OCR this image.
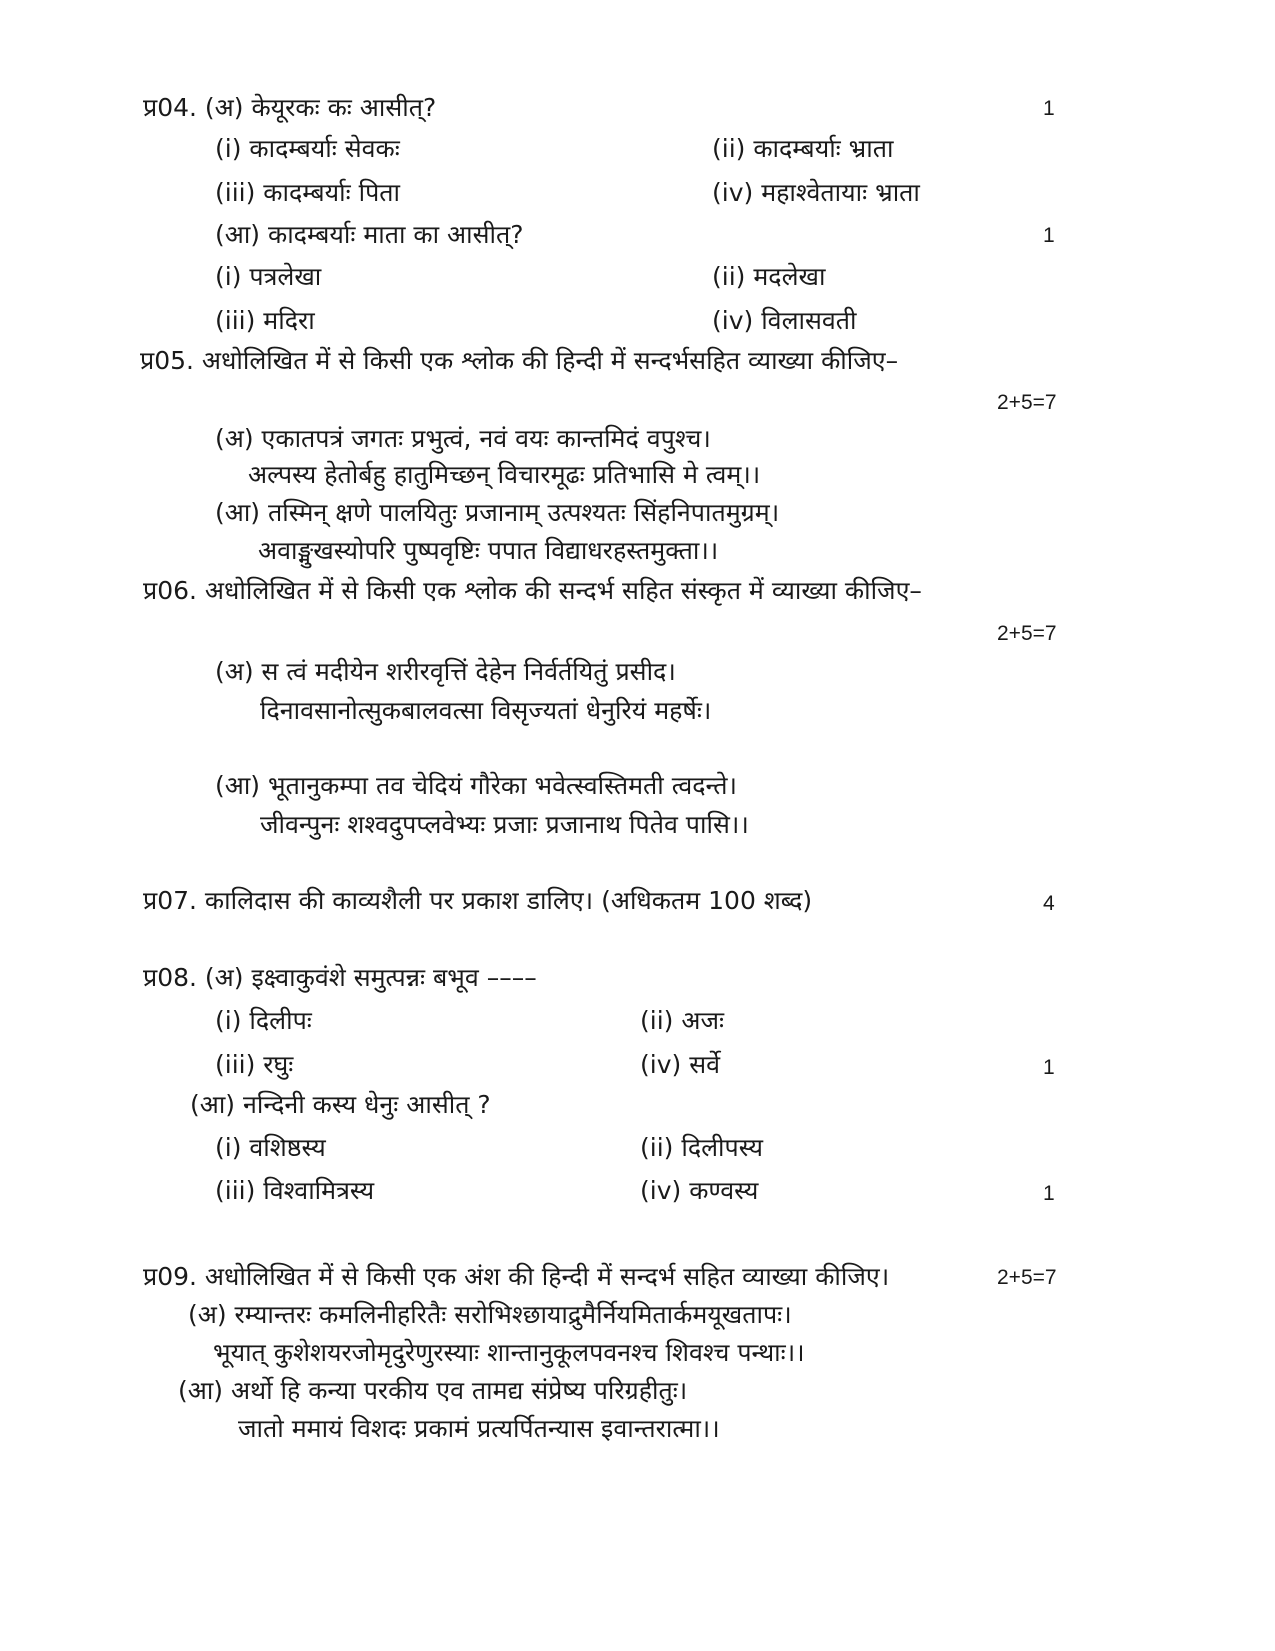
प्र04. (अ) केयूरकः कः आसीत्?	1
(i) कादम्बर्याः सेवकः	(ii) कादम्बर्याः भ्राता
(iii) कादम्बर्याः पिता	(iv) महाश्वेतायाः भ्राता
(आ) कादम्बर्याः माता का आसीत्?	1
(i) पत्रलेखा	(ii) मदलेखा
(iii) मदिरा	(iv) विलासवती
प्र05. अधोलिखित में से किसी एक श्लोक की हिन्दी में सन्दर्भसहित व्याख्या कीजिए–
2+5=7
(अ) एकातपत्रं जगतः प्रभुत्वं, नवं वयः कान्तमिदं वपुश्च।
अल्पस्य हेतोर्बहु हातुमिच्छन् विचारमूढः प्रतिभासि मे त्वम्।।
(आ) तस्मिन् क्षणे पालयितुः प्रजानाम् उत्पश्यतः सिंहनिपातमुग्रम्।
अवाङ्मुखस्योपरि पुष्पवृष्टिः पपात विद्याधरहस्तमुक्ता।।
प्र06. अधोलिखित में से किसी एक श्लोक की सन्दर्भ सहित संस्कृत में व्याख्या कीजिए–
2+5=7
(अ) स त्वं मदीयेन शरीरवृत्तिं देहेन निर्वर्तयितुं प्रसीद।
दिनावसानोत्सुकबालवत्सा विसृज्यतां धेनुरियं महर्षेः।
(आ) भूतानुकम्पा तव चेदियं गौरेका भवेत्स्वस्तिमती त्वदन्ते।
जीवन्पुनः शश्वदुपप्लवेभ्यः प्रजाः प्रजानाथ पितेव पासि।।
प्र07. कालिदास की काव्यशैली पर प्रकाश डालिए। (अधिकतम 100 शब्द)	4
प्र08. (अ) इक्ष्वाकुवंशे समुत्पन्नः बभूव ––––
(i) दिलीपः	(ii) अजः
(iii) रघुः	(iv) सर्वे	1
(आ) नन्दिनी कस्य धेनुः आसीत् ?
(i) वशिष्ठस्य	(ii) दिलीपस्य
(iii) विश्वामित्रस्य	(iv) कण्वस्य	1
प्र09. अधोलिखित में से किसी एक अंश की हिन्दी में सन्दर्भ सहित व्याख्या कीजिए।	2+5=7
(अ) रम्यान्तरः कमलिनीहरितैः सरोभिश्छायाद्रुमैर्नियमितार्कमयूखतापः।
भूयात् कुशेशयरजोमृदुरेणुरस्याः शान्तानुकूलपवनश्च शिवश्च पन्थाः।।
(आ) अर्थो हि कन्या परकीय एव तामद्य संप्रेष्य परिग्रहीतुः।
जातो ममायं विशदः प्रकामं प्रत्यर्पितन्यास इवान्तरात्मा।।
